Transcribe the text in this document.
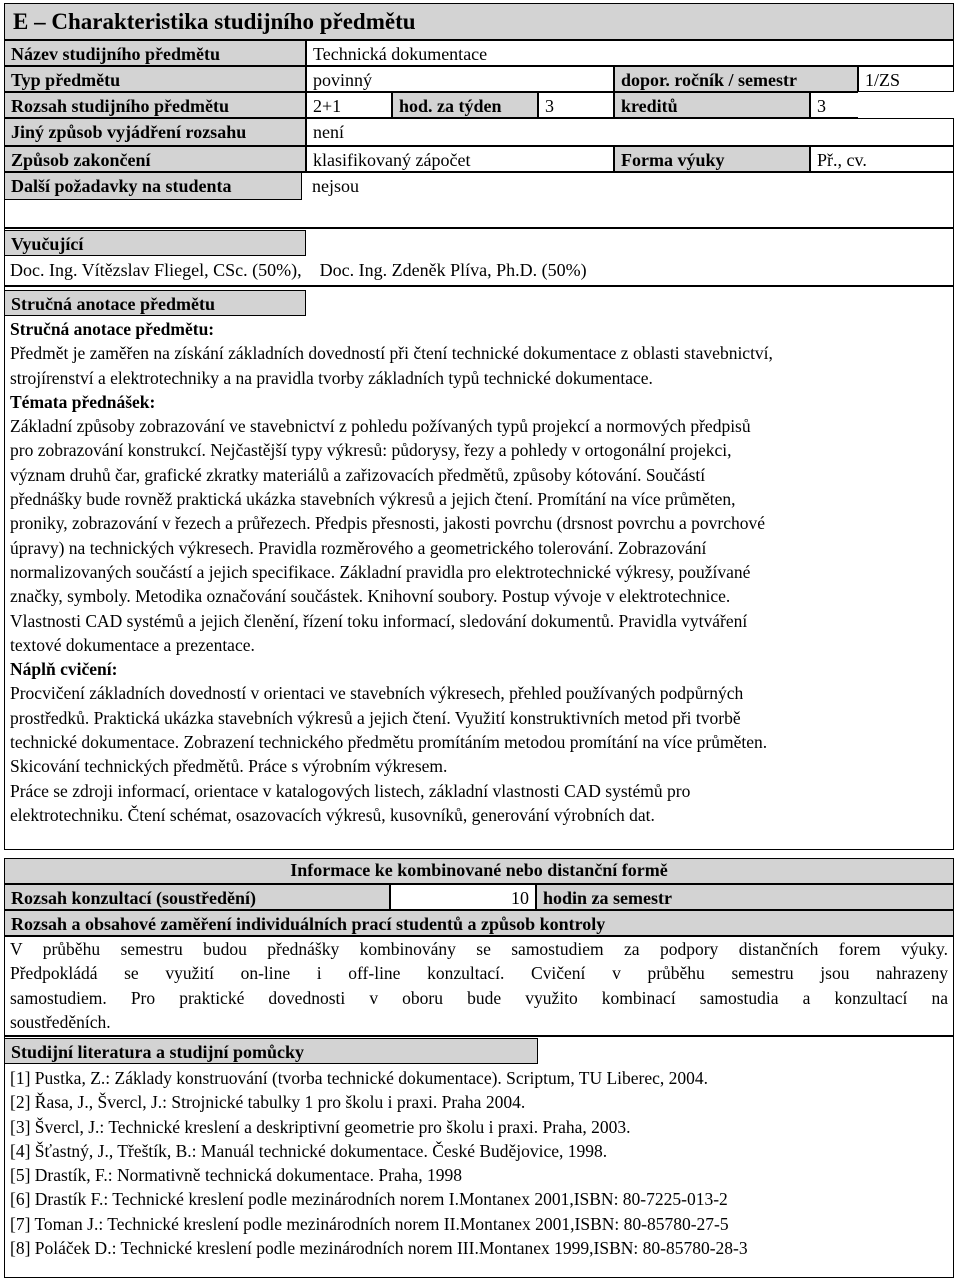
E – Charakteristika studijního předmětu
Název studijního předmětu	Technická dokumentace
Typ předmětu	povinný	dopor. ročník / semestr	1/ZS
Rozsah studijního předmětu	2+1	hod. za týden	3	kreditů	3
Jiný způsob vyjádření rozsahu	není
Způsob zakončení	klasifikovaný zápočet	Forma výuky	Př., cv.
Další požadavky na studenta	nejsou
Vyučující
Doc. Ing. Vítězslav Fliegel, CSc. (50%),    Doc. Ing. Zdeněk Plíva, Ph.D. (50%)
Stručná anotace předmětu
Stručná anotace předmětu:
Předmět je zaměřen na získání základních dovedností při čtení technické dokumentace z oblasti stavebnictví,
strojírenství a elektrotechniky a na pravidla tvorby základních typů technické dokumentace.
Témata přednášek:
Základní způsoby zobrazování ve stavebnictví z pohledu požívaných typů projekcí a normových předpisů
pro zobrazování konstrukcí. Nejčastější typy výkresů: půdorysy, řezy a pohledy v ortogonální projekci,
význam druhů čar, grafické zkratky materiálů a zařizovacích předmětů, způsoby kótování. Součástí
přednášky bude rovněž praktická ukázka stavebních výkresů a jejich čtení. Promítání na více průměten,
proniky, zobrazování v řezech a průřezech. Předpis přesnosti, jakosti povrchu (drsnost povrchu a povrchové
úpravy) na technických výkresech. Pravidla rozměrového a geometrického tolerování. Zobrazování
normalizovaných součástí a jejich specifikace. Základní pravidla pro elektrotechnické výkresy, používané
značky, symboly. Metodika označování součástek. Knihovní soubory. Postup vývoje v elektrotechnice.
Vlastnosti CAD systémů a jejich členění, řízení toku informací, sledování dokumentů. Pravidla vytváření
textové dokumentace a prezentace.
Náplň cvičení:
Procvičení základních dovedností v orientaci ve stavebních výkresech, přehled používaných podpůrných
prostředků. Praktická ukázka stavebních výkresů a jejich čtení. Využití konstruktivních metod při tvorbě
technické dokumentace. Zobrazení technického předmětu promítáním metodou promítání na více průměten.
Skicování technických předmětů. Práce s výrobním výkresem.
Práce se zdroji informací, orientace v katalogových listech, základní vlastnosti CAD systémů pro
elektrotechniku. Čtení schémat, osazovacích výkresů, kusovníků, generování výrobních dat.
Informace ke kombinované nebo distanční formě
Rozsah konzultací (soustředění)	10 hodin za semestr
Rozsah a obsahové zaměření individuálních prací studentů a způsob kontroly
V průběhu semestru budou přednášky kombinovány se samostudiem za podpory distančních forem výuky.
Předpokládá se využití on-line i off-line konzultací. Cvičení v průběhu semestru jsou nahrazeny
samostudiem. Pro praktické dovednosti v oboru bude využito kombinací samostudia a konzultací na
soustředěních.
Studijní literatura a studijní pomůcky
[1] Pustka, Z.: Základy konstruování (tvorba technické dokumentace). Scriptum, TU Liberec, 2004.
[2] Řasa, J., Švercl, J.: Strojnické tabulky 1 pro školu i praxi. Praha 2004.
[3] Švercl, J.: Technické kreslení a deskriptivní geometrie pro školu i praxi. Praha, 2003.
[4] Šťastný, J., Třeštík, B.: Manuál technické dokumentace. České Budějovice, 1998.
[5] Drastík, F.: Normativně technická dokumentace. Praha, 1998
[6] Drastík F.: Technické kreslení podle mezinárodních norem I.Montanex 2001,ISBN: 80-7225-013-2
[7] Toman J.: Technické kreslení podle mezinárodních norem II.Montanex 2001,ISBN: 80-85780-27-5
[8] Poláček D.: Technické kreslení podle mezinárodních norem III.Montanex 1999,ISBN: 80-85780-28-3
